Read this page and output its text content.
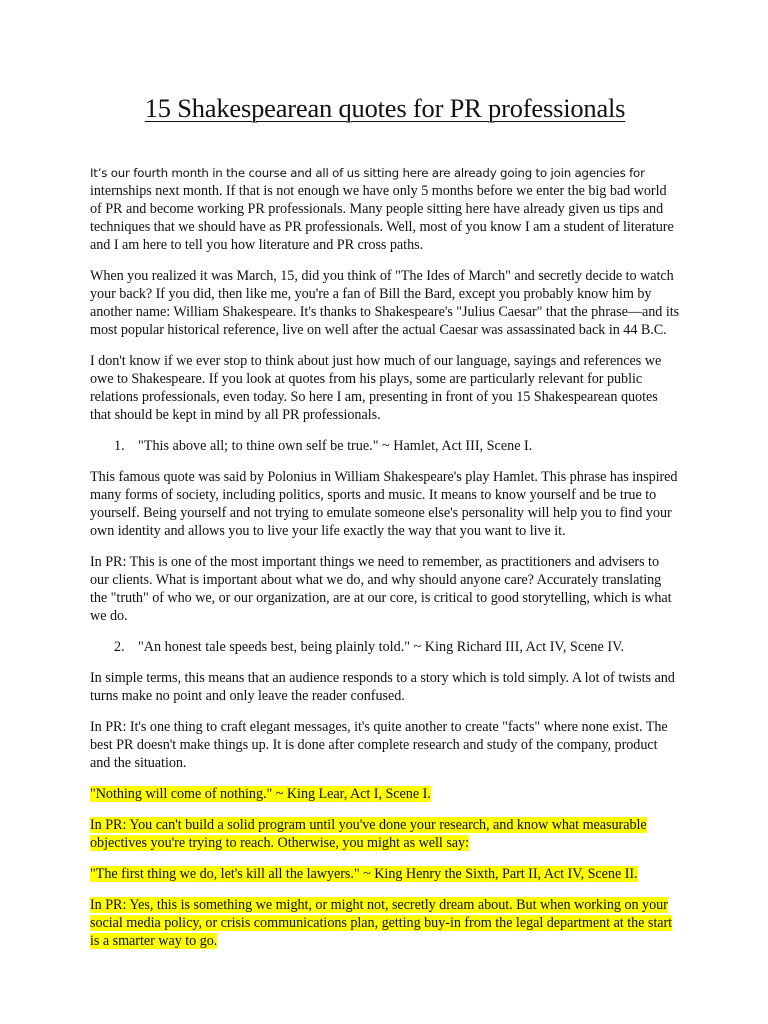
15 Shakespearean quotes for PR professionals

It’s our fourth month in the course and all of us sitting here are already going to join agencies for internships next month. If that is not enough we have only 5 months before we enter the big bad world of PR and become working PR professionals. Many people sitting here have already given us tips and techniques that we should have as PR professionals. Well, most of you know I am a student of literature and I am here to tell you how literature and PR cross paths.

When you realized it was March, 15, did you think of "The Ides of March" and secretly decide to watch your back? If you did, then like me, you're a fan of Bill the Bard, except you probably know him by another name: William Shakespeare. It's thanks to Shakespeare's "Julius Caesar" that the phrase—and its most popular historical reference, live on well after the actual Caesar was assassinated back in 44 B.C.

I don't know if we ever stop to think about just how much of our language, sayings and references we owe to Shakespeare. If you look at quotes from his plays, some are particularly relevant for public relations professionals, even today. So here I am, presenting in front of you 15 Shakespearean quotes that should be kept in mind by all PR professionals.

1. "This above all; to thine own self be true." ~ Hamlet, Act III, Scene I.

This famous quote was said by Polonius in William Shakespeare's play Hamlet. This phrase has inspired many forms of society, including politics, sports and music. It means to know yourself and be true to yourself. Being yourself and not trying to emulate someone else's personality will help you to find your own identity and allows you to live your life exactly the way that you want to live it.

In PR: This is one of the most important things we need to remember, as practitioners and advisers to our clients. What is important about what we do, and why should anyone care? Accurately translating the "truth" of who we, or our organization, are at our core, is critical to good storytelling, which is what we do.

2. "An honest tale speeds best, being plainly told." ~ King Richard III, Act IV, Scene IV.

In simple terms, this means that an audience responds to a story which is told simply. A lot of twists and turns make no point and only leave the reader confused.

In PR: It's one thing to craft elegant messages, it's quite another to create "facts" where none exist. The best PR doesn't make things up. It is done after complete research and study of the company, product and the situation.

"Nothing will come of nothing." ~ King Lear, Act I, Scene I.

In PR: You can't build a solid program until you've done your research, and know what measurable objectives you're trying to reach. Otherwise, you might as well say:

"The first thing we do, let's kill all the lawyers." ~ King Henry the Sixth, Part II, Act IV, Scene II.

In PR: Yes, this is something we might, or might not, secretly dream about. But when working on your social media policy, or crisis communications plan, getting buy-in from the legal department at the start is a smarter way to go.
